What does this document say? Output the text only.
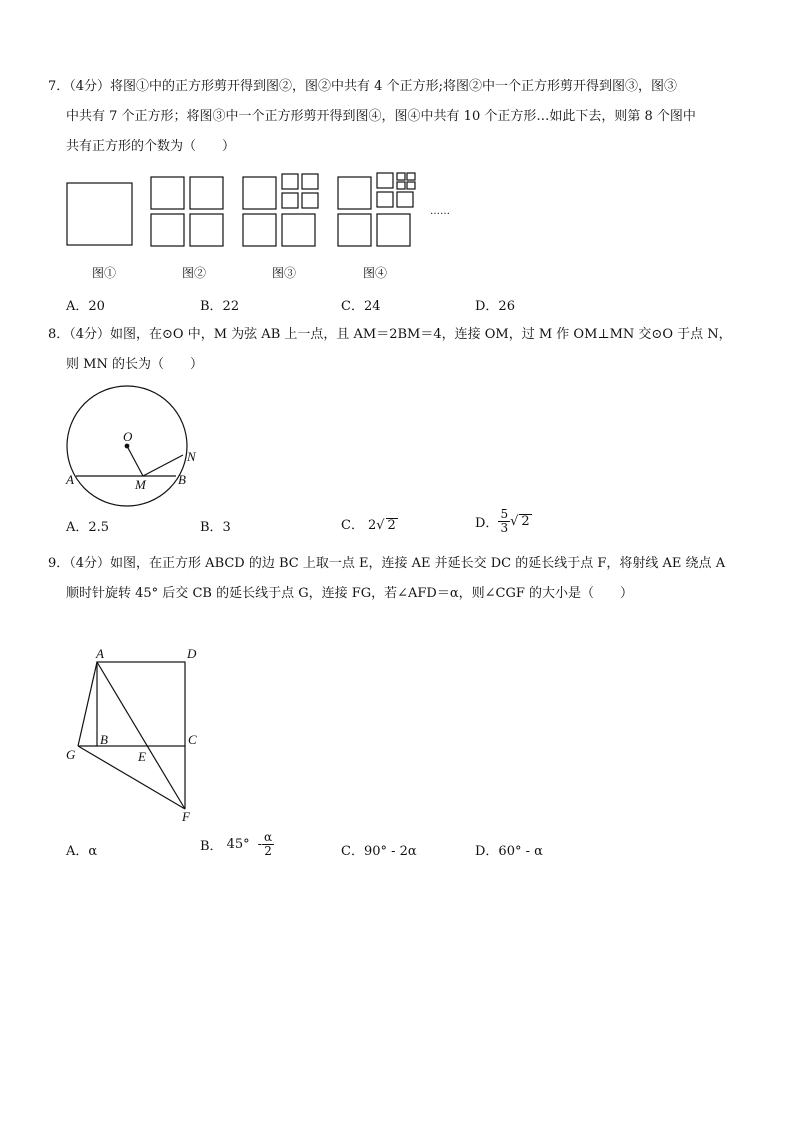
7．（4分）将图①中的正方形剪开得到图②，图②中共有 4 个正方形;将图②中一个正方形剪开得到图③，图③
中共有 7 个正方形；将图③中一个正方形剪开得到图④，图④中共有 10 个正方形…如此下去，则第 8 个图中
共有正方形的个数为（　　）
……
图①	图②	图③	图④
A．20	B．22	C．24	D．26
8．（4分）如图，在⊙O 中，M 为弦 AB 上一点，且 AM＝2BM＝4，连接 OM，过 M 作 OM⊥MN 交⊙O 于点 N，
则 MN 的长为（　　）
O
N
A	M B
A．2.5	B．3	C． 2√ 2	D． $\frac{5}{3}$ √ 2
9．（4分）如图，在正方形 ABCD 的边 BC 上取一点 E，连接 AE 并延长交 DC 的延长线于点 F，将射线 AE 绕点 A
顺时针旋转 45° 后交 CB 的延长线于点 G，连接 FG，若∠AFD＝α，则∠CGF 的大小是（　　）
A	D
G
B
E
C
F
A．α	B． $45^\circ - \frac{\alpha}{2}$	C．90° - 2α	D．60° - α
